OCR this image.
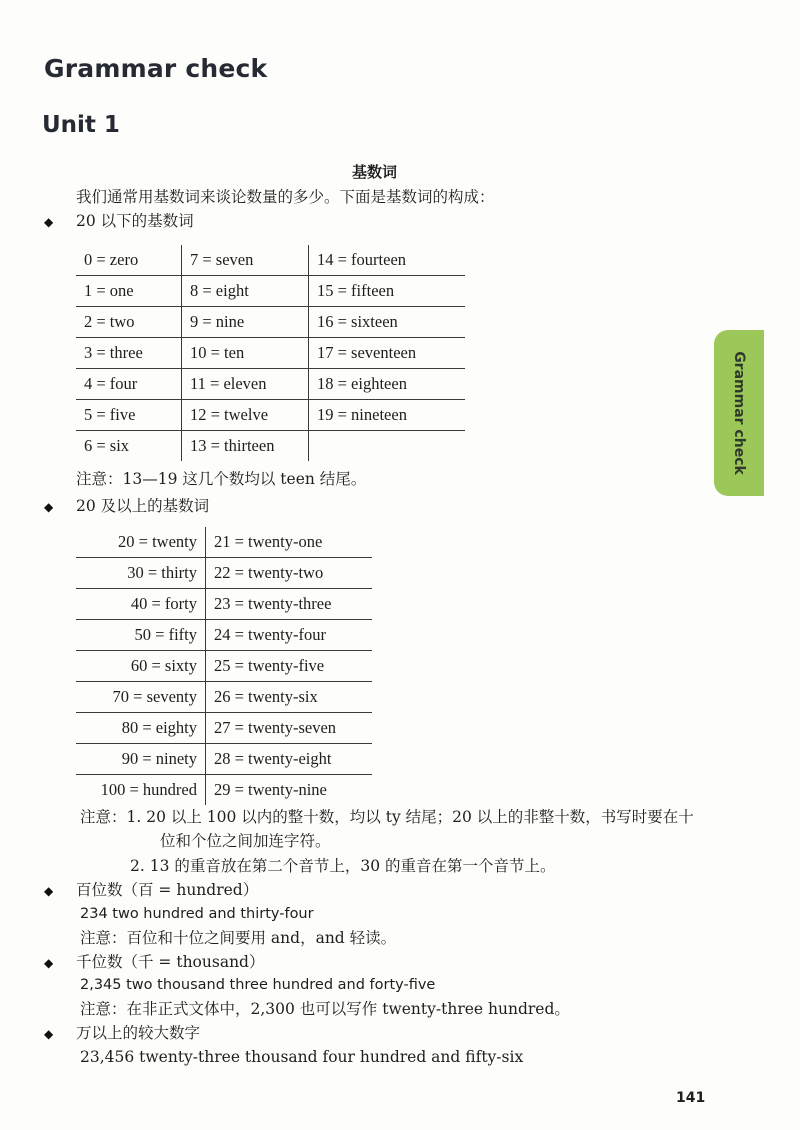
Grammar check
Unit 1
基数词
我们通常用基数词来谈论数量的多少。下面是基数词的构成：
◆ 20 以下的基数词
0 = zero	7 = seven	14 = fourteen
1 = one	8 = eight	15 = fifteen
2 = two	9 = nine	16 = sixteen
3 = three	10 = ten	17 = seventeen
4 = four	11 = eleven	18 = eighteen
5 = five	12 = twelve	19 = nineteen
6 = six	13 = thirteen	
注意：13—19 这几个数均以 teen 结尾。
◆ 20 及以上的基数词
20 = twenty	21 = twenty-one
30 = thirty	22 = twenty-two
40 = forty	23 = twenty-three
50 = fifty	24 = twenty-four
60 = sixty	25 = twenty-five
70 = seventy	26 = twenty-six
80 = eighty	27 = twenty-seven
90 = ninety	28 = twenty-eight
100 = hundred	29 = twenty-nine
注意：1. 20 以上 100 以内的整十数，均以 ty 结尾；20 以上的非整十数，书写时要在十
位和个位之间加连字符。
2. 13 的重音放在第二个音节上，30 的重音在第一个音节上。
◆ 百位数（百 = hundred）
234 two hundred and thirty-four
注意：百位和十位之间要用 and，and 轻读。
◆ 千位数（千 = thousand）
2,345 two thousand three hundred and forty-five
注意：在非正式文体中，2,300 也可以写作 twenty-three hundred。
◆ 万以上的较大数字
23,456 twenty-three thousand four hundred and fifty-six
Grammar check
141
